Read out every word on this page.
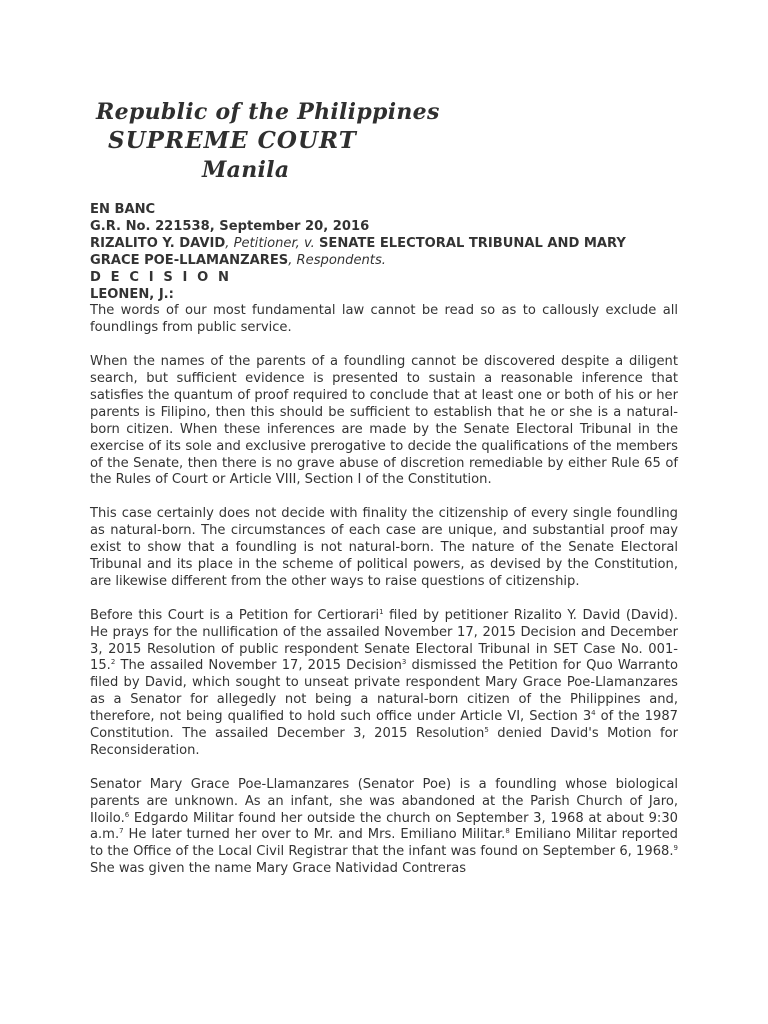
Republic of the Philippines
SUPREME COURT
Manila
EN BANC
G.R. No. 221538, September 20, 2016
RIZALITO Y. DAVID, Petitioner, v. SENATE ELECTORAL TRIBUNAL AND MARY GRACE POE-LLAMANZARES, Respondents.
D E C I S I O N
LEONEN, J.:

The words of our most fundamental law cannot be read so as to callously exclude all foundlings from public service.

When the names of the parents of a foundling cannot be discovered despite a diligent search, but sufficient evidence is presented to sustain a reasonable inference that satisfies the quantum of proof required to conclude that at least one or both of his or her parents is Filipino, then this should be sufficient to establish that he or she is a natural-born citizen. When these inferences are made by the Senate Electoral Tribunal in the exercise of its sole and exclusive prerogative to decide the qualifications of the members of the Senate, then there is no grave abuse of discretion remediable by either Rule 65 of the Rules of Court or Article VIII, Section I of the Constitution.

This case certainly does not decide with finality the citizenship of every single foundling as natural-born. The circumstances of each case are unique, and substantial proof may exist to show that a foundling is not natural-born. The nature of the Senate Electoral Tribunal and its place in the scheme of political powers, as devised by the Constitution, are likewise different from the other ways to raise questions of citizenship.

Before this Court is a Petition for Certiorari$^1$ filed by petitioner Rizalito Y. David (David). He prays for the nullification of the assailed November 17, 2015 Decision and December 3, 2015 Resolution of public respondent Senate Electoral Tribunal in SET Case No. 001-15.$^2$ The assailed November 17, 2015 Decision$^3$ dismissed the Petition for Quo Warranto filed by David, which sought to unseat private respondent Mary Grace Poe-Llamanzares as a Senator for allegedly not being a natural-born citizen of the Philippines and, therefore, not being qualified to hold such office under Article VI, Section 3$^4$ of the 1987 Constitution. The assailed December 3, 2015 Resolution$^5$ denied David's Motion for Reconsideration.

Senator Mary Grace Poe-Llamanzares (Senator Poe) is a foundling whose biological parents are unknown. As an infant, she was abandoned at the Parish Church of Jaro, Iloilo.$^6$ Edgardo Militar found her outside the church on September 3, 1968 at about 9:30 a.m.$^7$ He later turned her over to Mr. and Mrs. Emiliano Militar.$^8$ Emiliano Militar reported to the Office of the Local Civil Registrar that the infant was found on September 6, 1968.$^9$ She was given the name Mary Grace Natividad Contreras
